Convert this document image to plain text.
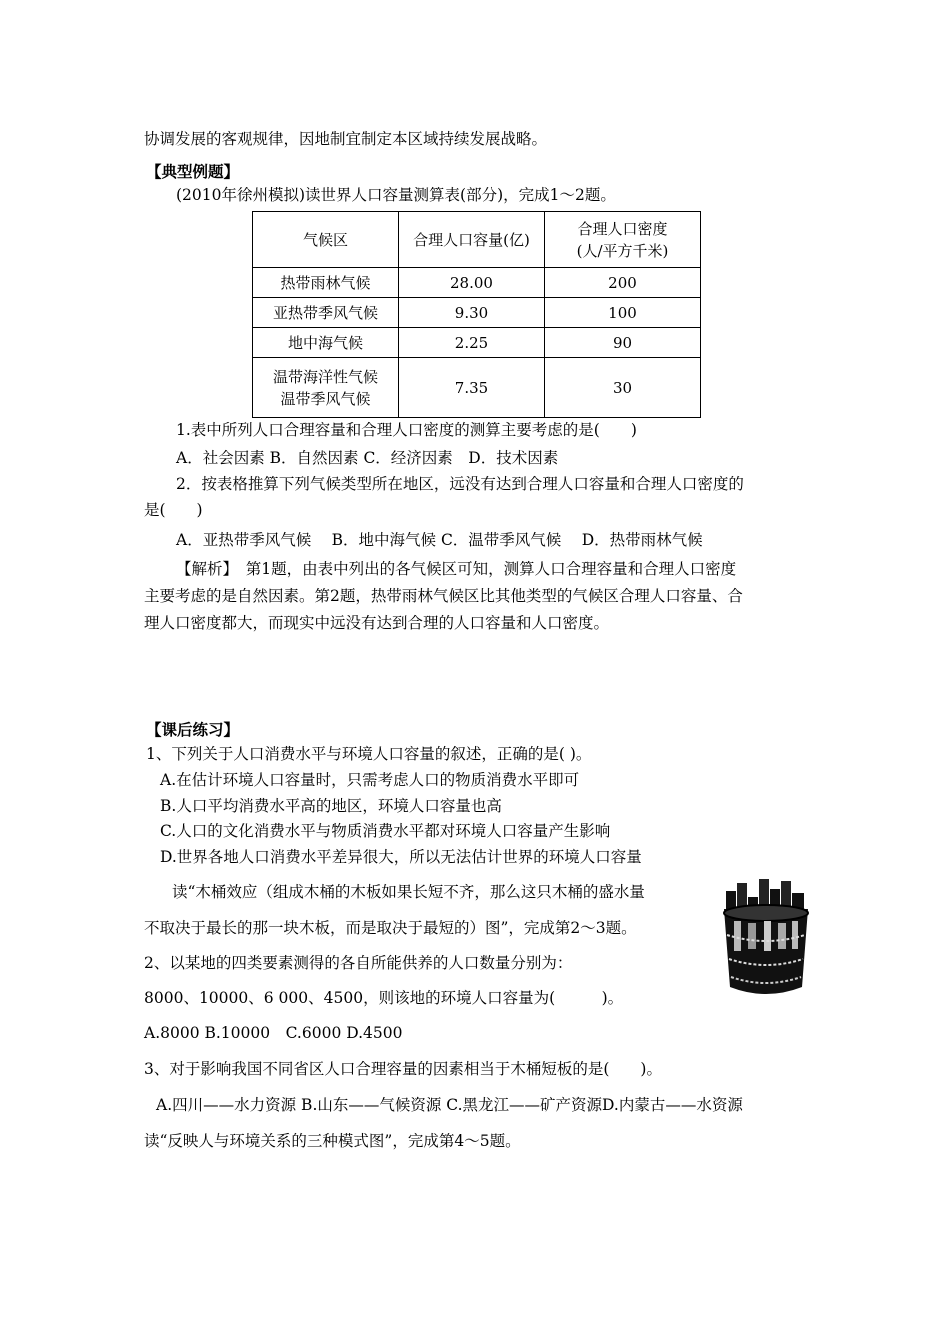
协调发展的客观规律，因地制宜制定本区域持续发展战略。
【典型例题】
(2010年徐州模拟)读世界人口容量测算表(部分)，完成1～2题。
气候区	合理人口容量(亿)	合理人口密度
(人/平方千米)

热带雨林气候	28.00	200
亚热带季风气候	9.30	100
地中海气候	2.25	90

温带海洋性气候
温带季风气候	7.35	30
1.表中所列人口合理容量和合理人口密度的测算主要考虑的是(　　)
A．社会因素 B．自然因素 C．经济因素　D．技术因素
2．按表格推算下列气候类型所在地区，远没有达到合理人口容量和合理人口密度的
是(　　)
A．亚热带季风气候　 B．地中海气候 C．温带季风气候　 D．热带雨林气候
【解析】　第1题，由表中列出的各气候区可知，测算人口合理容量和合理人口密度
主要考虑的是自然因素。第2题，热带雨林气候区比其他类型的气候区合理人口容量、合
理人口密度都大，而现实中远没有达到合理的人口容量和人口密度。
【课后练习】
1、下列关于人口消费水平与环境人口容量的叙述，正确的是( )。
A.在估计环境人口容量时，只需考虑人口的物质消费水平即可
B.人口平均消费水平高的地区，环境人口容量也高
C.人口的文化消费水平与物质消费水平都对环境人口容量产生影响
D.世界各地人口消费水平差异很大，所以无法估计世界的环境人口容量
读“木桶效应（组成木桶的木板如果长短不齐，那么这只木桶的盛水量
不取决于最长的那一块木板，而是取决于最短的）图”，完成第2～3题。
2、以某地的四类要素测得的各自所能供养的人口数量分别为：
8000、10000、6 000、4500，则该地的环境人口容量为(　　　)。
A.8000 B.10000　C.6000 D.4500
3、对于影响我国不同省区人口合理容量的因素相当于木桶短板的是(　　)。
A.四川——水力资源 B.山东——气候资源 C.黑龙江——矿产资源D.内蒙古——水资源
读“反映人与环境关系的三种模式图”，完成第4～5题。
